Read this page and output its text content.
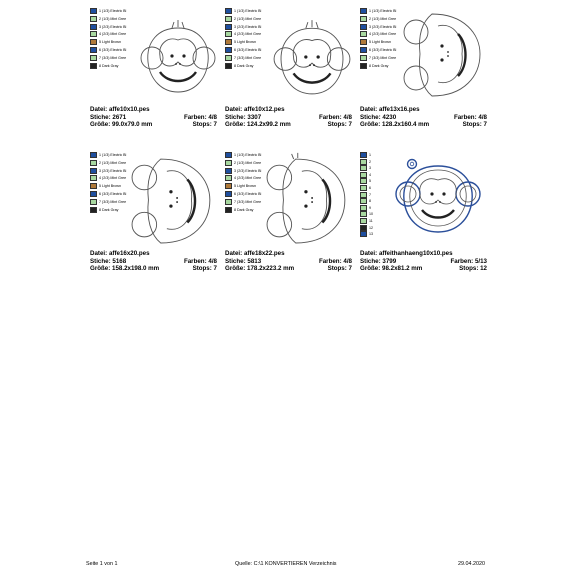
1 (1/3) Electric Bl
2 (1/3) Mint Gree
3 (2/3) Electric Bl
4 (2/3) Mint Gree
5 Light Brown
6 (3/3) Electric Bl
7 (3/3) Mint Gree
8 Dark Gray
Datei: affe10x10.pes
Stiche: 2671	Farben: 4/8
Größe: 99.0x79.0 mm	Stops: 7
1 (1/3) Electric Bl
2 (1/3) Mint Gree
3 (2/3) Electric Bl
4 (2/3) Mint Gree
5 Light Brown
6 (3/3) Electric Bl
7 (3/3) Mint Gree
8 Dark Gray
Datei: affe10x12.pes
Stiche: 3307	Farben: 4/8
Größe: 124.2x99.2 mm	Stops: 7
1 (1/3) Electric Bl
2 (1/3) Mint Gree
3 (2/3) Electric Bl
4 (2/3) Mint Gree
5 Light Brown
6 (3/3) Electric Bl
7 (3/3) Mint Gree
8 Dark Gray
Datei: affe13x16.pes
Stiche: 4230	Farben: 4/8
Größe: 128.2x160.4 mm	Stops: 7
1 (1/3) Electric Bl
2 (1/3) Mint Gree
3 (2/3) Electric Bl
4 (2/3) Mint Gree
5 Light Brown
6 (3/3) Electric Bl
7 (3/3) Mint Gree
8 Dark Gray
Datei: affe16x20.pes
Stiche: 5168	Farben: 4/8
Größe: 158.2x198.0 mm	Stops: 7
1 (1/3) Electric Bl
2 (1/3) Mint Gree
3 (2/3) Electric Bl
4 (2/3) Mint Gree
5 Light Brown
6 (3/3) Electric Bl
7 (3/3) Mint Gree
8 Dark Gray
Datei: affe18x22.pes
Stiche: 5813	Farben: 4/8
Größe: 178.2x223.2 mm	Stops: 7
1
2
3
4
5
6
7
8
9
10
11
12
13
Datei: affeithanhaeng10x10.pes
Stiche: 3799	Farben: 5/13
Größe: 98.2x81.2 mm	Stops: 12
Seite 1 von 1	Quelle: C:\1 KONVERTIEREN Verzeichnis	29.04.2020
